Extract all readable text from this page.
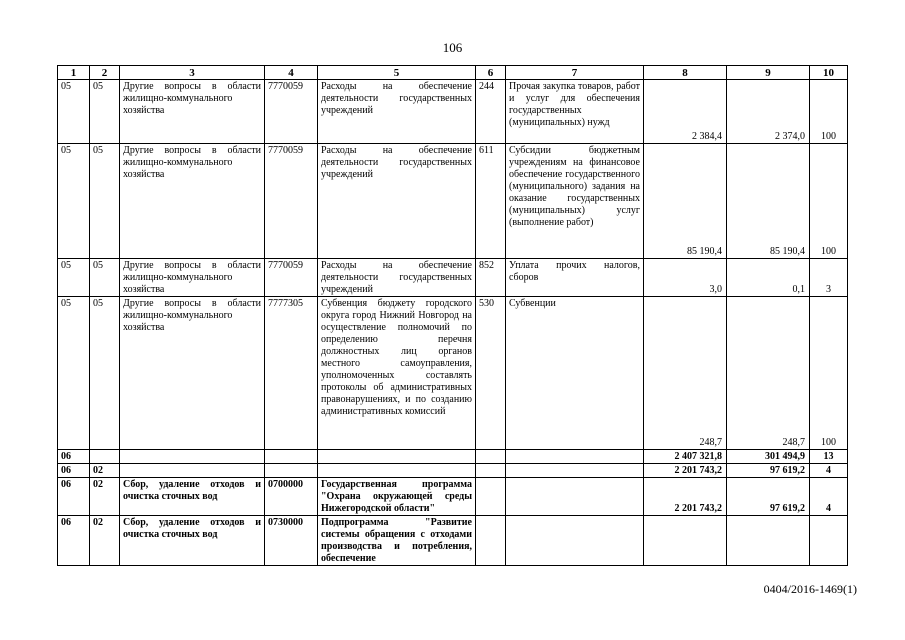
106
1	2	3	4	5	6	7	8	9	10
05	05	Другие вопросы в области жилищно-коммунального хозяйства	7770059	Расходы на обеспечение деятельности государственных учреждений	244	Прочая закупка товаров, работ и услуг для обеспечения государственных (муниципальных) нужд	2 384,4	2 374,0	100
05	05	Другие вопросы в области жилищно-коммунального хозяйства	7770059	Расходы на обеспечение деятельности государственных учреждений	611	Субсидии бюджетным учреждениям на финансовое обеспечение государственного (муниципального) задания на оказание государственных (муниципальных) услуг (выполнение работ)	85 190,4	85 190,4	100
05	05	Другие вопросы в области жилищно-коммунального хозяйства	7770059	Расходы на обеспечение деятельности государственных учреждений	852	Уплата прочих налогов, сборов	3,0	0,1	3
05	05	Другие вопросы в области жилищно-коммунального хозяйства	7777305	Субвенция бюджету городского округа город Нижний Новгород на осуществление полномочий по определению перечня должностных лиц органов местного самоуправления, уполномоченных составлять протоколы об административных правонарушениях, и по созданию административных комиссий	530	Субвенции	248,7	248,7	100
06							2 407 321,8	301 494,9	13
06	02						2 201 743,2	97 619,2	4
06	02	Сбор, удаление отходов и очистка сточных вод	0700000	Государственная программа "Охрана окружающей среды Нижегородской области"			2 201 743,2	97 619,2	4
06	02	Сбор, удаление отходов и очистка сточных вод	0730000	Подпрограмма "Развитие системы обращения с отходами производства и потребления, обеспечение					
0404/2016-1469(1)
